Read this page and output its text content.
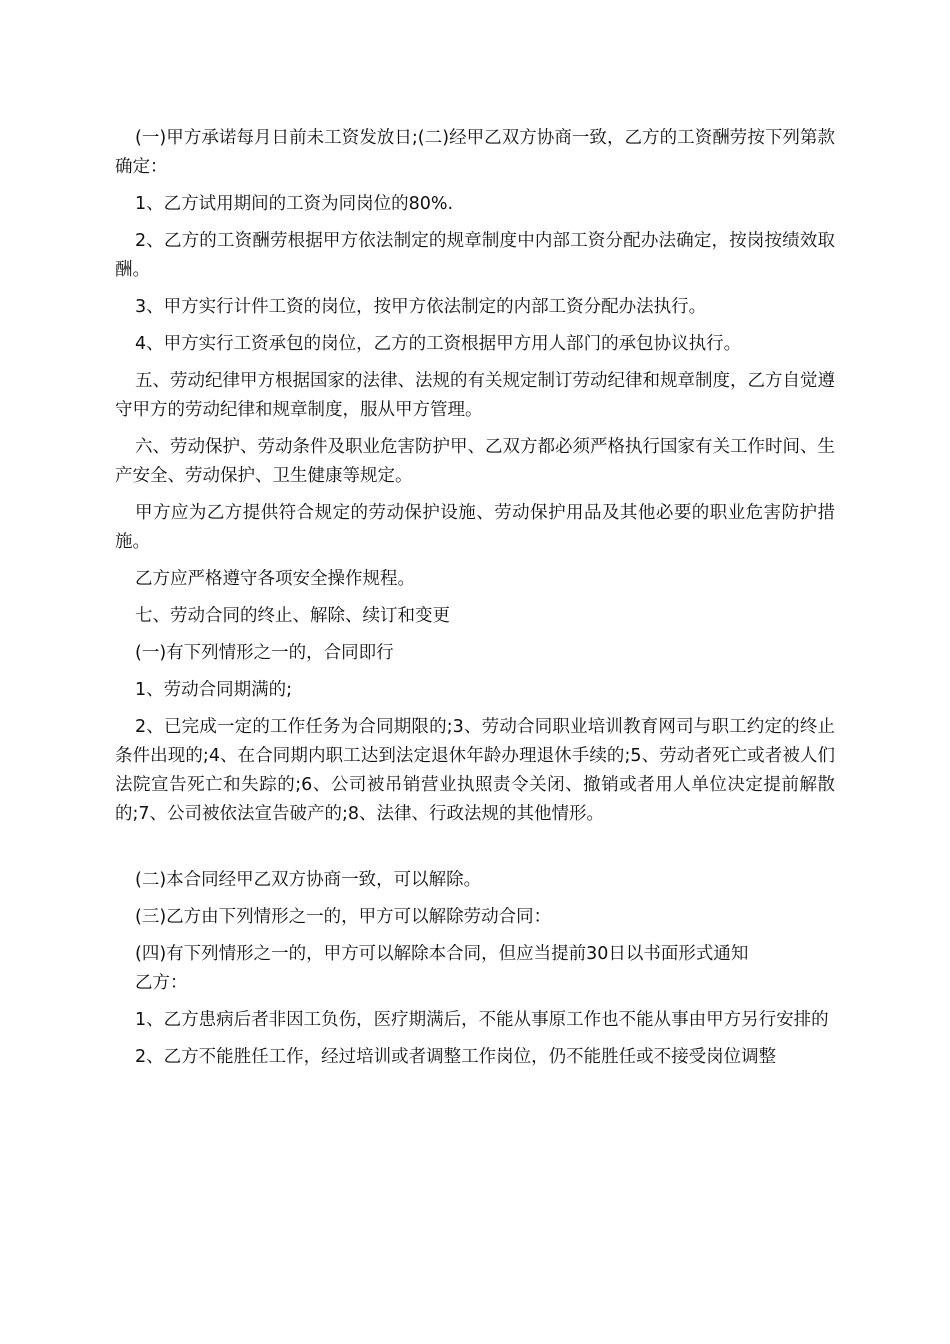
(一)甲方承诺每月日前未工资发放日;(二)经甲乙双方协商一致，乙方的工资酬劳按下列第款确定：

1、乙方试用期间的工资为同岗位的80%.

2、乙方的工资酬劳根据甲方依法制定的规章制度中内部工资分配办法确定，按岗按绩效取酬。

3、甲方实行计件工资的岗位，按甲方依法制定的内部工资分配办法执行。

4、甲方实行工资承包的岗位，乙方的工资根据甲方用人部门的承包协议执行。

五、劳动纪律甲方根据国家的法律、法规的有关规定制订劳动纪律和规章制度，乙方自觉遵守甲方的劳动纪律和规章制度，服从甲方管理。

六、劳动保护、劳动条件及职业危害防护甲、乙双方都必须严格执行国家有关工作时间、生产安全、劳动保护、卫生健康等规定。

甲方应为乙方提供符合规定的劳动保护设施、劳动保护用品及其他必要的职业危害防护措施。

乙方应严格遵守各项安全操作规程。

七、劳动合同的终止、解除、续订和变更

(一)有下列情形之一的，合同即行

1、劳动合同期满的;

2、已完成一定的工作任务为合同期限的;3、劳动合同职业培训教育网司与职工约定的终止条件出现的;4、在合同期内职工达到法定退休年龄办理退休手续的;5、劳动者死亡或者被人们法院宣告死亡和失踪的;6、公司被吊销营业执照责令关闭、撤销或者用人单位决定提前解散的;7、公司被依法宣告破产的;8、法律、行政法规的其他情形。

(二)本合同经甲乙双方协商一致，可以解除。

(三)乙方由下列情形之一的，甲方可以解除劳动合同：

(四)有下列情形之一的，甲方可以解除本合同，但应当提前30日以书面形式通知

乙方：

1、乙方患病后者非因工负伤，医疗期满后，不能从事原工作也不能从事由甲方另行安排的

2、乙方不能胜任工作，经过培训或者调整工作岗位，仍不能胜任或不接受岗位调整
